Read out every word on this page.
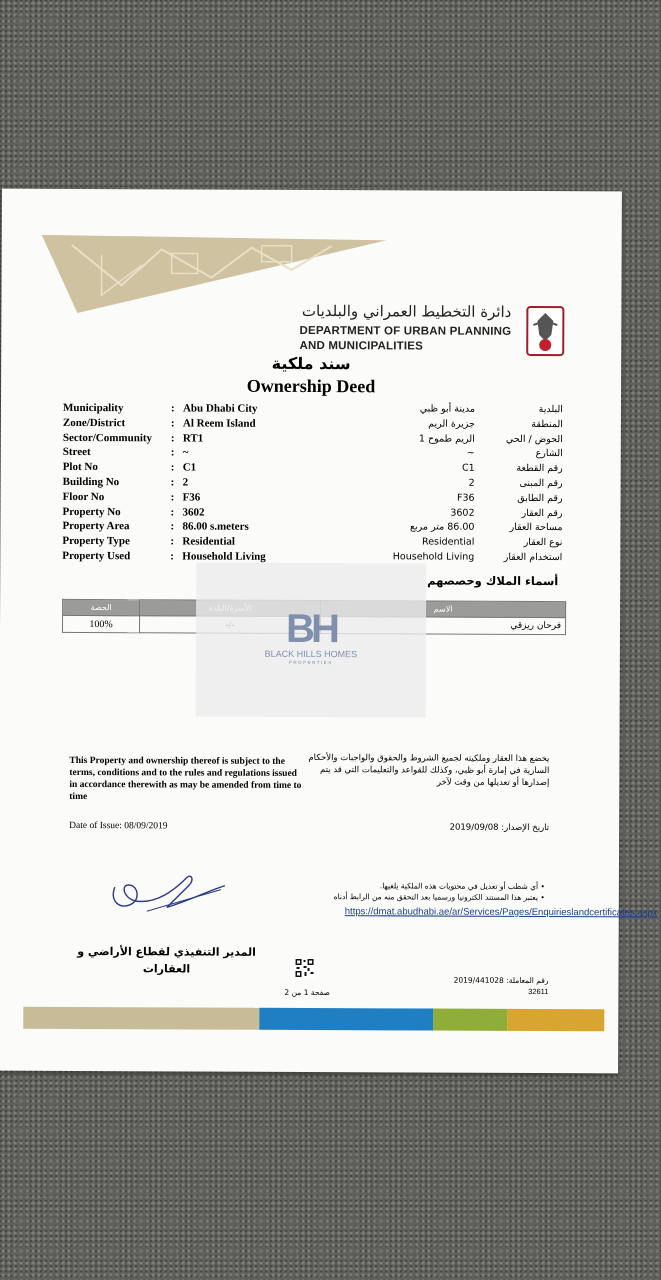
دائرة التخطيط العمراني والبلديات
DEPARTMENT OF URBAN PLANNING
AND MUNICIPALITIES
سند ملكية
Ownership Deed
Municipality	: Abu Dhabi City	مدينة أبو ظبي	البلدية
Zone/District	: Al Reem Island	جزيرة الريم	المنطقة
Sector/Community : RT1	الريم طموح 1	الحوض / الحي
Street	: ~	~	الشارع
Plot No	: C1	C1	رقم القطعة
Building No	: 2	2	رقم المبنى
Floor No	: F36	F36	رقم الطابق
Property No	: 3602	3602	رقم العقار
Property Area	: 86.00 s.meters	86.00 متر مربع	مساحة العقار
Property Type	: Residential	Residential	نوع العقار
Property Used	: Household Living	Household Living	استخدام العقار
أسماء الملاك وحصصهم
الحصة		الاسم
100%		فرحان ريزقي
BH
BLACK HILLS HOMES
PROPERTIES
This Property and ownership thereof is subject to the terms, conditions and to the rules and regulations issued in accordance therewith as may be amended from time to time
يخضع هذا العقار وملكيته لجميع الشروط والحقوق والواجبات والأحكام السارية في إمارة أبو ظبي، وكذلك للقواعد والتعليمات التي قد يتم إصدارها أو تعديلها من وقت لآخر
Date of Issue: 08/09/2019	تاريخ الإصدار: 2019/09/08
• أي شطب أو تعديل في محتويات هذه الملكية يلغيها.
• يعتبر هذا المستند الكترونيا ورسميا بعد التحقق منه من الرابط أدناه
https://dmat.abudhabi.ae/ar/Services/Pages/Enquirieslandcertificates.aspx
المدير التنفيذي لقطاع الأراضي و العقارات
صفحة 1 من 2
رقم المعاملة: 2019/441028
32611
